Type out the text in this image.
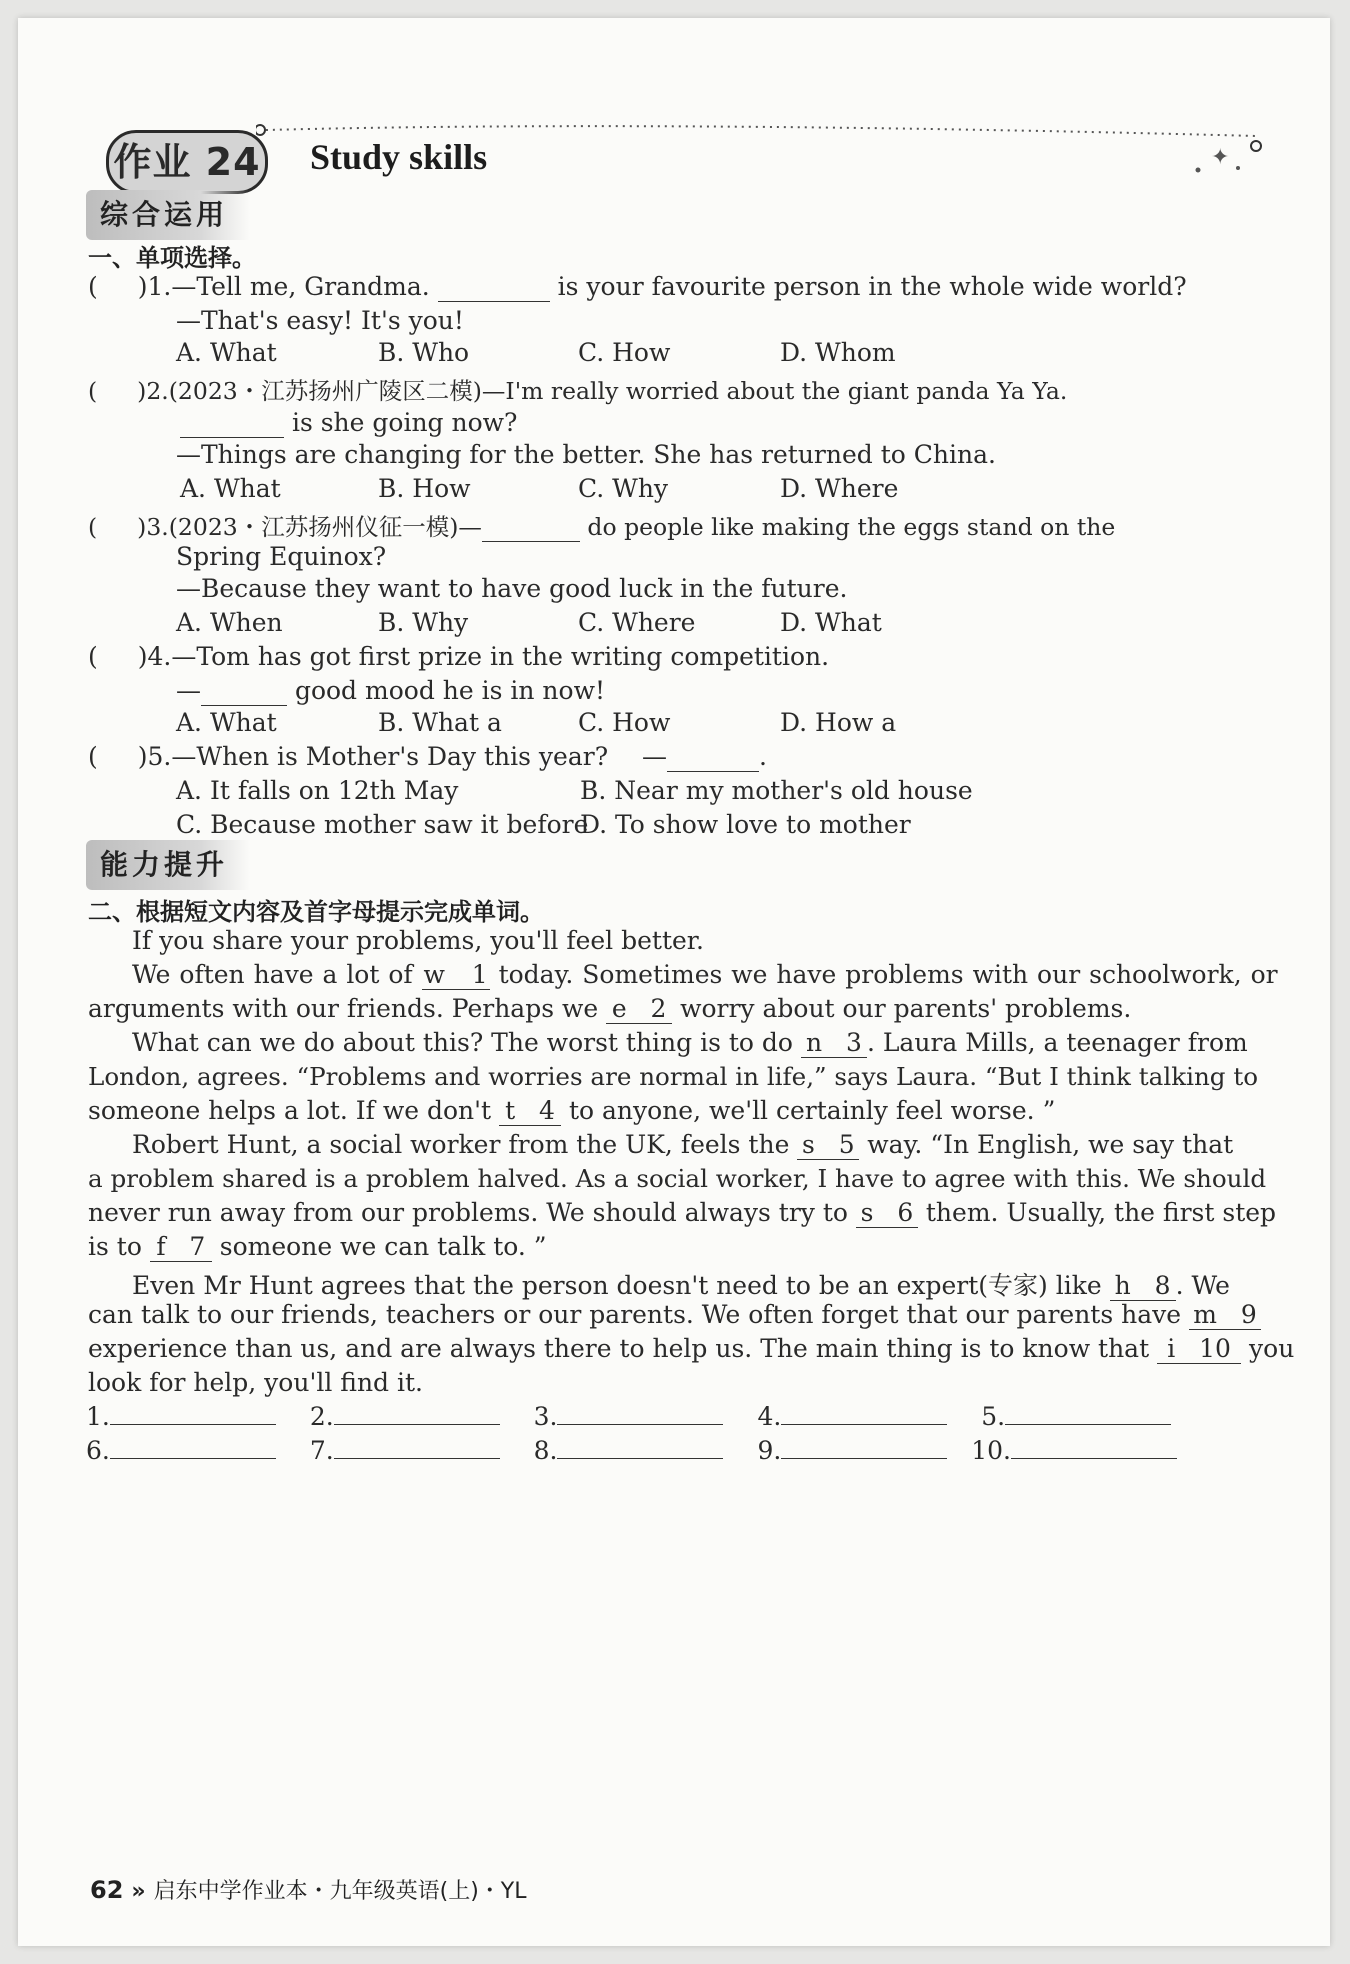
✦
作业 24 Study skills
综合运用
一、单项选择。
( )1.—Tell me, Grandma.	is your favourite person in the whole wide world?
—That's easy! It's you!
A. What	B. Who	C. How	D. Whom
( )2.(2023・江苏扬州广陵区二模)—I'm really worried about the giant panda Ya Ya.
is she going now?
—Things are changing for the better. She has returned to China.
A. What	B. How	C. Why	D. Where
( )3.(2023・江苏扬州仪征一模)—	do people like making the eggs stand on the
Spring Equinox?
—Because they want to have good luck in the future.
A. When	B. Why	C. Where	D. What
( )4.—Tom has got first prize in the writing competition.
—	good mood he is in now!
A. What	B. What a	C. How	D. How a
( )5.—When is Mother's Day this year? —	.
A. It falls on 12th May	B. Near my mother's old house
C. Because mother saw it before
D. To show love to mother
能力提升
二、根据短文内容及首字母提示完成单词。
If you share your problems, you'll feel better.
We often have a lot of w 1 today. Sometimes we have problems with our schoolwork, or
arguments with our friends. Perhaps we e 2 worry about our parents' problems.
What can we do about this? The worst thing is to do n 3 . Laura Mills, a teenager from
London, agrees. “Problems and worries are normal in life,” says Laura. “But I think talking to
someone helps a lot. If we don't t 4 to anyone, we'll certainly feel worse. ”
Robert Hunt, a social worker from the UK, feels the s 5 way. “In English, we say that
a problem shared is a problem halved. As a social worker, I have to agree with this. We should
never run away from our problems. We should always try to s 6 them. Usually, the first step
is to f 7 someone we can talk to. ”
Even Mr Hunt agrees that the person doesn't need to be an expert(专家) like h 8 . We
can talk to our friends, teachers or our parents. We often forget that our parents have m 9
experience than us, and are always there to help us. The main thing is to know that i 10 you
look for help, you'll find it.
1.	2.	3.	4.	5.
6.	7.	8.	9.	10.
62 » 启东中学作业本・九年级英语(上)・YL
